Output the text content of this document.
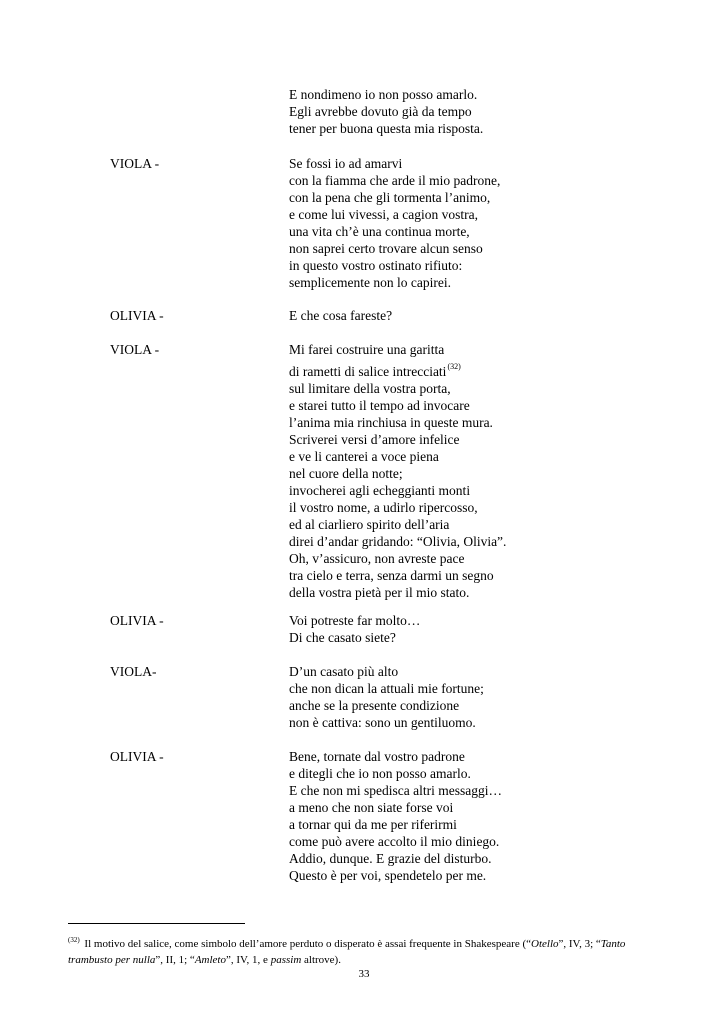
E nondimeno io non posso amarlo.
Egli avrebbe dovuto già da tempo
tener per buona questa mia risposta.
VIOLA -	Se fossi io ad amarvi
con la fiamma che arde il mio padrone,
con la pena che gli tormenta l’animo,
e come lui vivessi, a cagion vostra,
una vita ch’è una continua morte,
non saprei certo trovare alcun senso
in questo vostro ostinato rifiuto:
semplicemente non lo capirei.
OLIVIA -	E che cosa fareste?
VIOLA -	Mi farei costruire una garitta
di rametti di salice intrecciati$^{(32)}$
sul limitare della vostra porta,
e starei tutto il tempo ad invocare
l’anima mia rinchiusa in queste mura.
Scriverei versi d’amore infelice
e ve li canterei a voce piena
nel cuore della notte;
invocherei agli echeggianti monti
il vostro nome, a udirlo ripercosso,
ed al ciarliero spirito dell’aria
direi d’andar gridando: “Olivia, Olivia”.
Oh, v’assicuro, non avreste pace
tra cielo e terra, senza darmi un segno
della vostra pietà per il mio stato.
OLIVIA -	Voi potreste far molto…
Di che casato siete?
VIOLA-	D’un casato più alto
che non dican la attuali mie fortune;
anche se la presente condizione
non è cattiva: sono un gentiluomo.
OLIVIA -	Bene, tornate dal vostro padrone
e ditegli che io non posso amarlo.
E che non mi spedisca altri messaggi…
a meno che non siate forse voi
a tornar qui da me per riferirmi
come può avere accolto il mio diniego.
Addio, dunque. E grazie del disturbo.
Questo è per voi, spendetelo per me.
$^{(32)}$ Il motivo del salice, come simbolo dell’amore perduto o disperato è assai frequente in Shakespeare (“Otello”, IV, 3; “Tanto trambusto per nulla”, II, 1; “Amleto”, IV, 1, e passim altrove).
33
